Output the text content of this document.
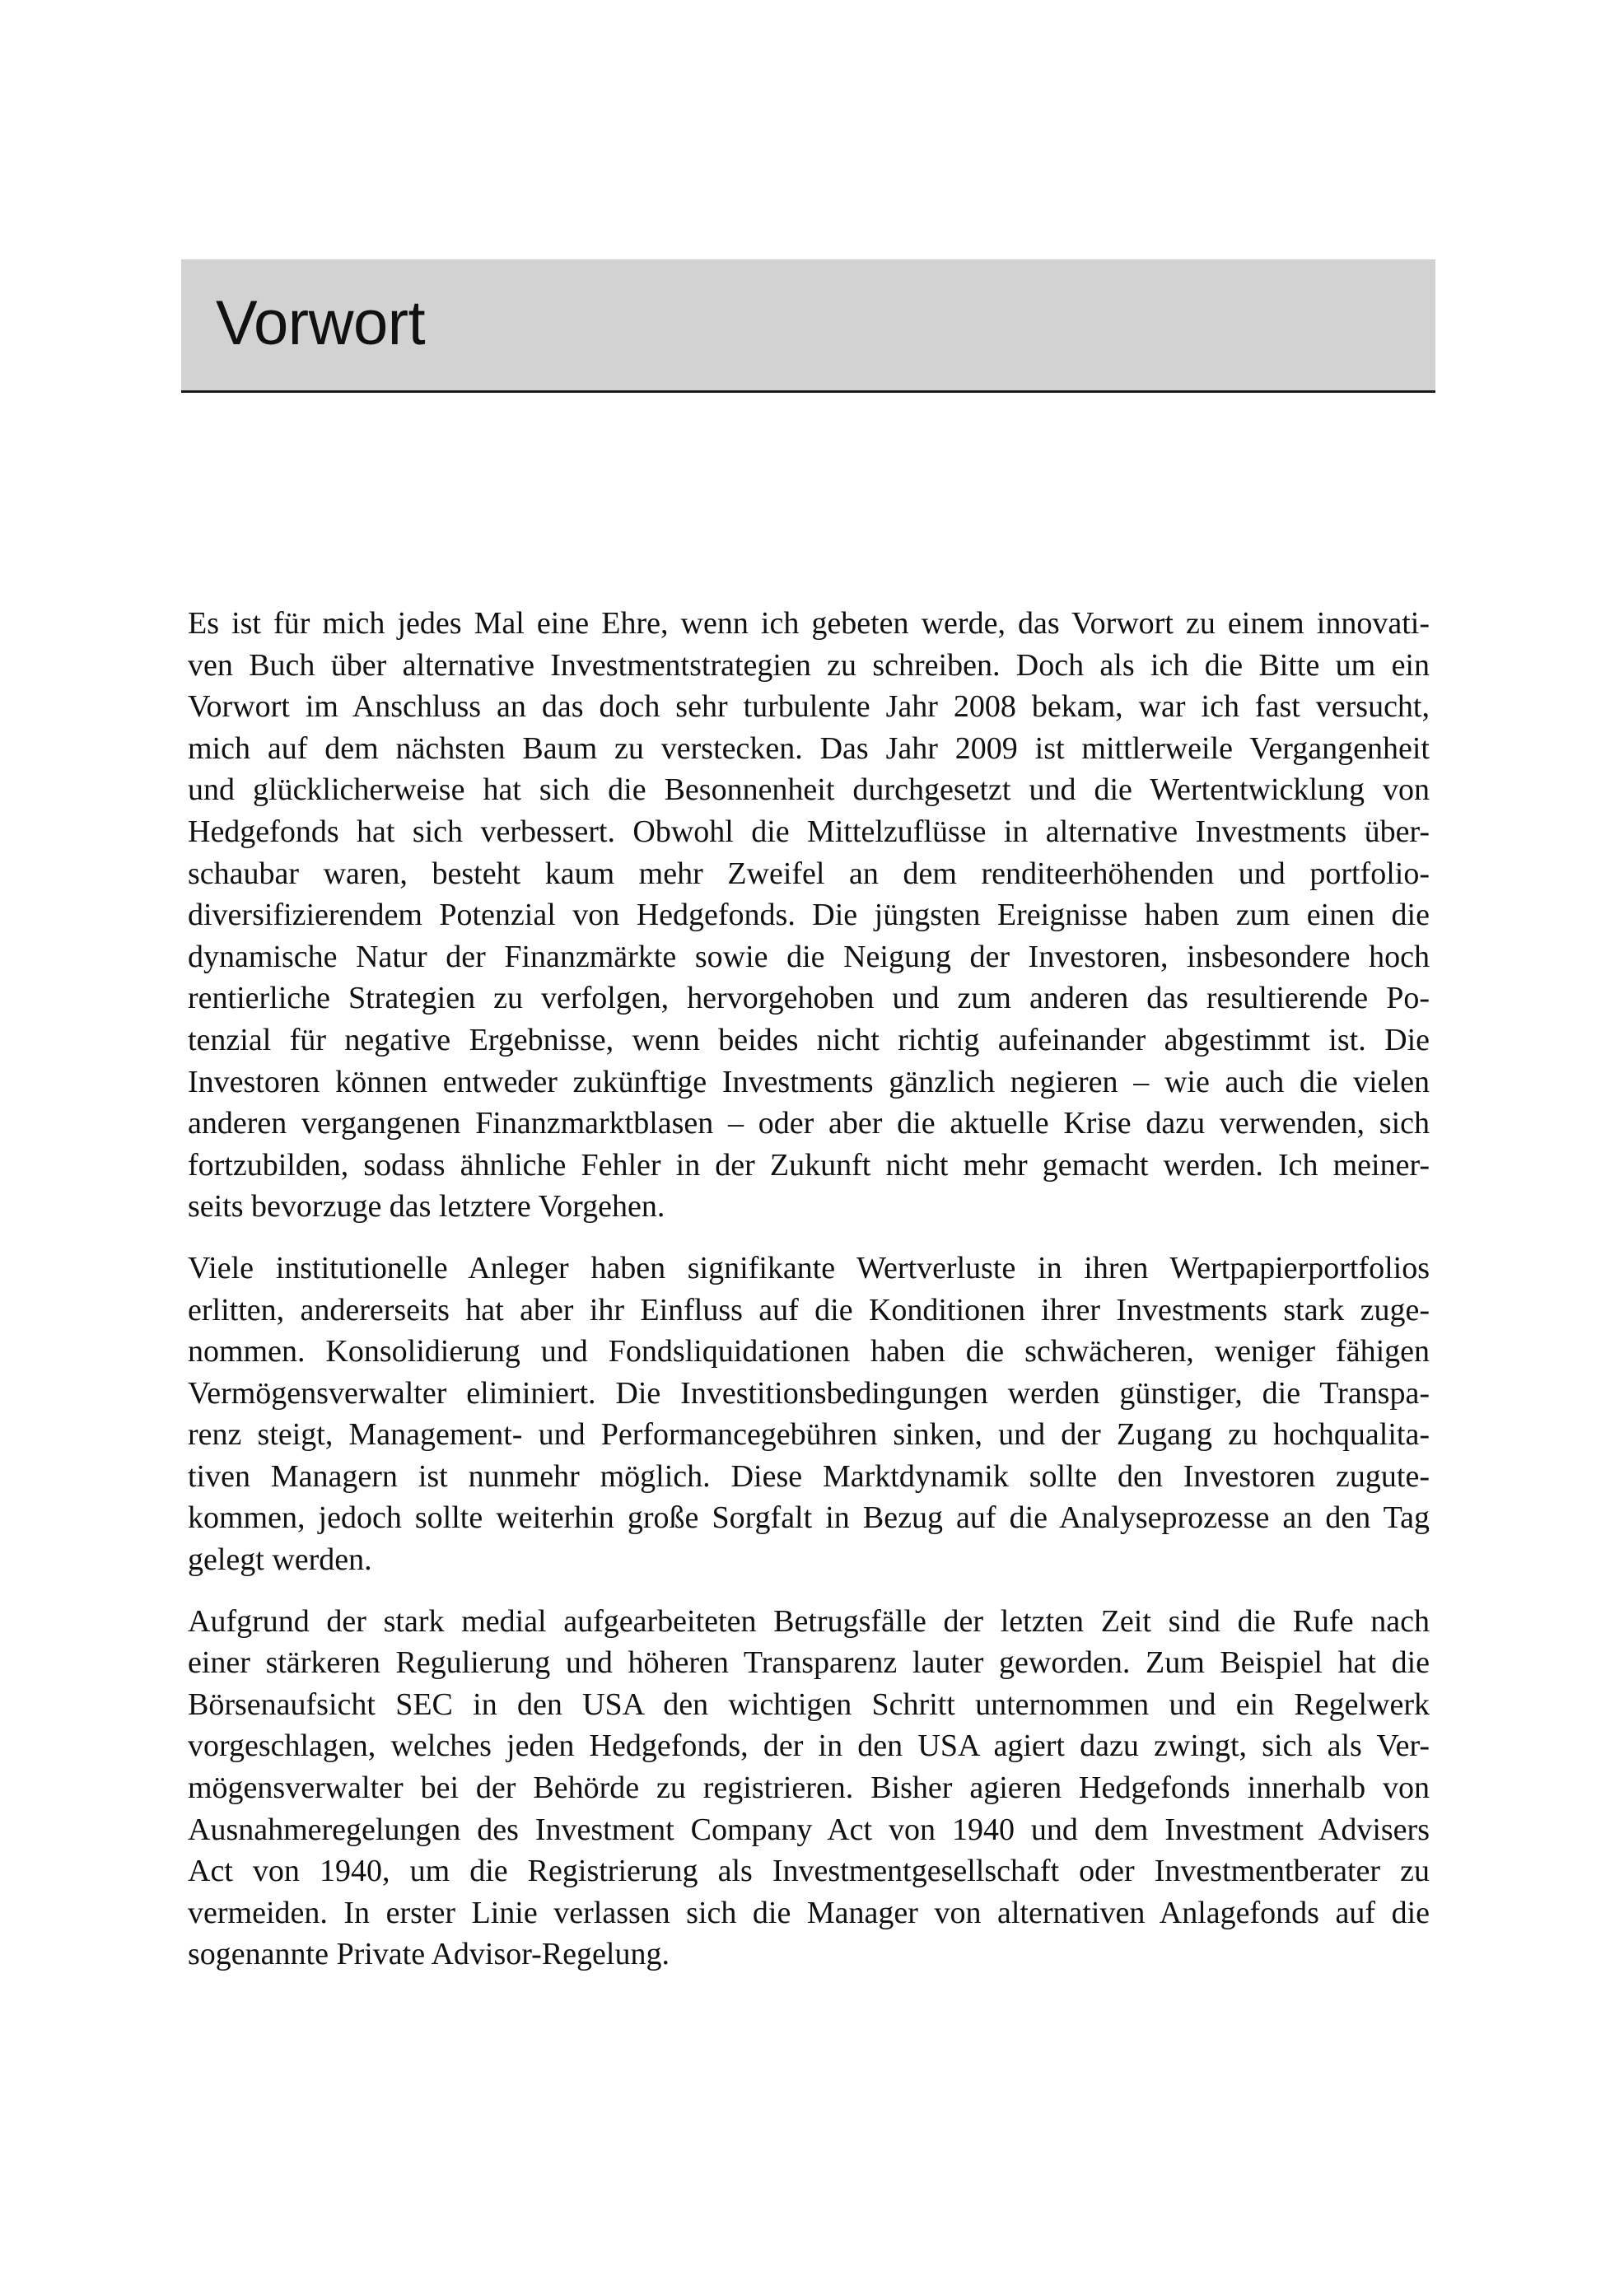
Vorwort

Es ist für mich jedes Mal eine Ehre, wenn ich gebeten werde, das Vorwort zu einem innovati-
ven Buch über alternative Investmentstrategien zu schreiben. Doch als ich die Bitte um ein
Vorwort im Anschluss an das doch sehr turbulente Jahr 2008 bekam, war ich fast versucht,
mich auf dem nächsten Baum zu verstecken. Das Jahr 2009 ist mittlerweile Vergangenheit
und glücklicherweise hat sich die Besonnenheit durchgesetzt und die Wertentwicklung von
Hedgefonds hat sich verbessert. Obwohl die Mittelzuflüsse in alternative Investments über-
schaubar waren, besteht kaum mehr Zweifel an dem renditeerhöhenden und portfolio-
diversifizierendem Potenzial von Hedgefonds. Die jüngsten Ereignisse haben zum einen die
dynamische Natur der Finanzmärkte sowie die Neigung der Investoren, insbesondere hoch
rentierliche Strategien zu verfolgen, hervorgehoben und zum anderen das resultierende Po-
tenzial für negative Ergebnisse, wenn beides nicht richtig aufeinander abgestimmt ist. Die
Investoren können entweder zukünftige Investments gänzlich negieren – wie auch die vielen
anderen vergangenen Finanzmarktblasen – oder aber die aktuelle Krise dazu verwenden, sich
fortzubilden, sodass ähnliche Fehler in der Zukunft nicht mehr gemacht werden. Ich meiner-
seits bevorzuge das letztere Vorgehen.

Viele institutionelle Anleger haben signifikante Wertverluste in ihren Wertpapierportfolios
erlitten, andererseits hat aber ihr Einfluss auf die Konditionen ihrer Investments stark zuge-
nommen. Konsolidierung und Fondsliquidationen haben die schwächeren, weniger fähigen
Vermögensverwalter eliminiert. Die Investitionsbedingungen werden günstiger, die Transpa-
renz steigt, Management- und Performancegebühren sinken, und der Zugang zu hochqualita-
tiven Managern ist nunmehr möglich. Diese Marktdynamik sollte den Investoren zugute-
kommen, jedoch sollte weiterhin große Sorgfalt in Bezug auf die Analyseprozesse an den Tag
gelegt werden.

Aufgrund der stark medial aufgearbeiteten Betrugsfälle der letzten Zeit sind die Rufe nach
einer stärkeren Regulierung und höheren Transparenz lauter geworden. Zum Beispiel hat die
Börsenaufsicht SEC in den USA den wichtigen Schritt unternommen und ein Regelwerk
vorgeschlagen, welches jeden Hedgefonds, der in den USA agiert dazu zwingt, sich als Ver-
mögensverwalter bei der Behörde zu registrieren. Bisher agieren Hedgefonds innerhalb von
Ausnahmeregelungen des Investment Company Act von 1940 und dem Investment Advisers
Act von 1940, um die Registrierung als Investmentgesellschaft oder Investmentberater zu
vermeiden. In erster Linie verlassen sich die Manager von alternativen Anlagefonds auf die
sogenannte Private Advisor-Regelung.
